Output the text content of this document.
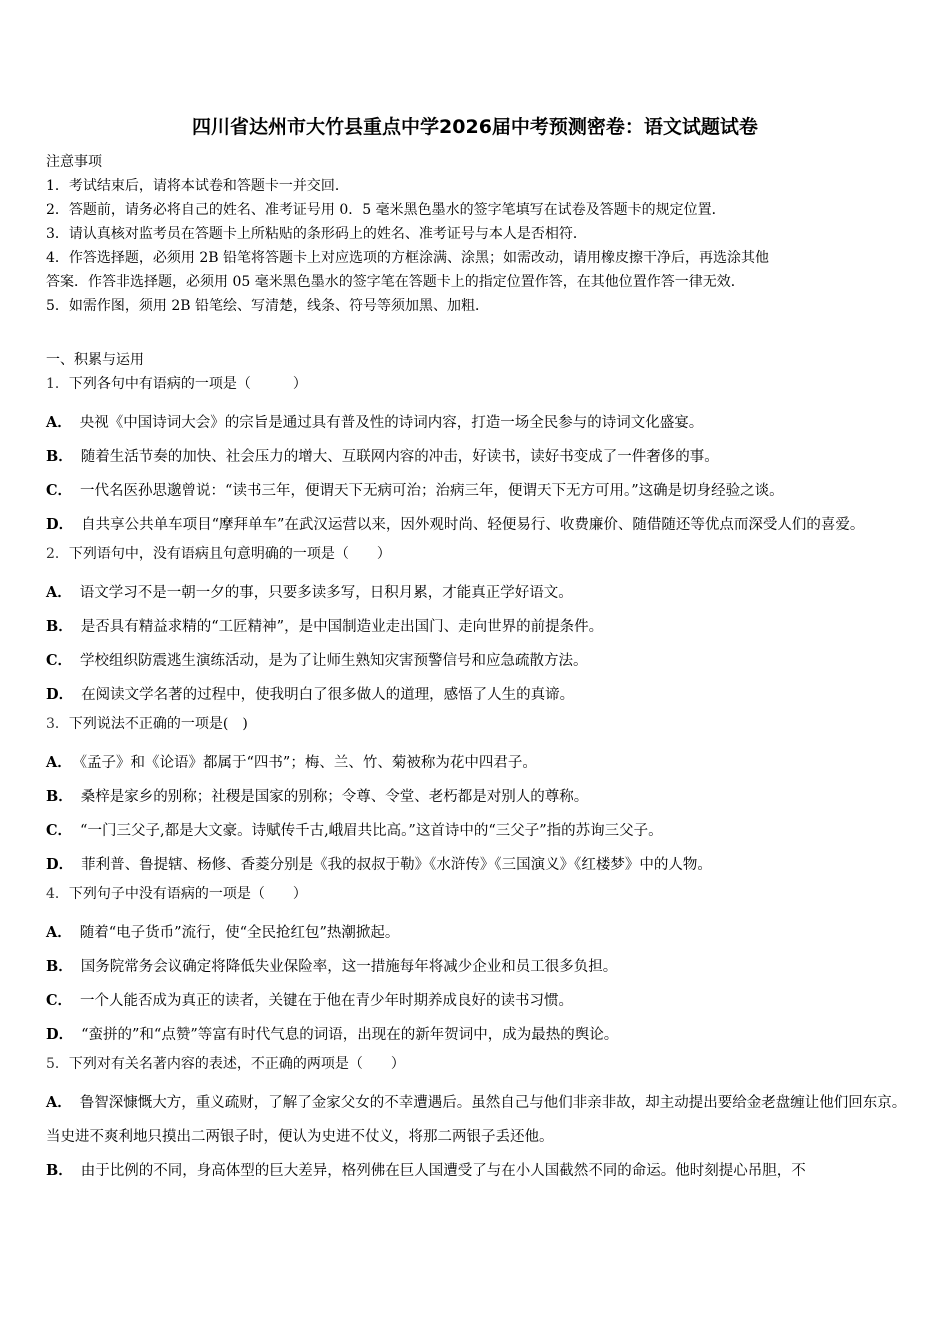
四川省达州市大竹县重点中学2026届中考预测密卷：语文试题试卷
注意事项
1．考试结束后，请将本试卷和答题卡一并交回．
2．答题前，请务必将自己的姓名、准考证号用 0．5 毫米黑色墨水的签字笔填写在试卷及答题卡的规定位置．
3．请认真核对监考员在答题卡上所粘贴的条形码上的姓名、准考证号与本人是否相符．
4．作答选择题，必须用 2B 铅笔将答题卡上对应选项的方框涂满、涂黑；如需改动，请用橡皮擦干净后，再选涂其他
答案．作答非选择题，必须用 05 毫米黑色墨水的签字笔在答题卡上的指定位置作答，在其他位置作答一律无效．
5．如需作图，须用 2B 铅笔绘、写清楚，线条、符号等须加黑、加粗．
一、积累与运用
1．下列各句中有语病的一项是（　　　）
A． 央视《中国诗词大会》的宗旨是通过具有普及性的诗词内容，打造一场全民参与的诗词文化盛宴。
B． 随着生活节奏的加快、社会压力的增大、互联网内容的冲击，好读书，读好书变成了一件奢侈的事。
C． 一代名医孙思邈曾说：“读书三年，便谓天下无病可治；治病三年，便谓天下无方可用。”这确是切身经验之谈。
D． 自共享公共单车项目“摩拜单车”在武汉运营以来，因外观时尚、轻便易行、收费廉价、随借随还等优点而深受人们的喜爱。
2．下列语句中，没有语病且句意明确的一项是（　　）
A． 语文学习不是一朝一夕的事，只要多读多写，日积月累，才能真正学好语文。
B． 是否具有精益求精的“工匠精神”，是中国制造业走出国门、走向世界的前提条件。
C． 学校组织防震逃生演练活动，是为了让师生熟知灾害预警信号和应急疏散方法。
D． 在阅读文学名著的过程中，使我明白了很多做人的道理，感悟了人生的真谛。
3．下列说法不正确的一项是(　)
A． 《孟子》和《论语》都属于“四书”；梅、兰、竹、菊被称为花中四君子。
B． 桑梓是家乡的别称；社稷是国家的别称；令尊、令堂、老朽都是对别人的尊称。
C． “一门三父子,都是大文豪。诗赋传千古,峨眉共比高。”这首诗中的“三父子”指的苏询三父子。
D． 菲利普、鲁提辖、杨修、香菱分别是《我的叔叔于勒》《水浒传》《三国演义》《红楼梦》中的人物。
4．下列句子中没有语病的一项是（　　）
A． 随着“电子货币”流行，使“全民抢红包”热潮掀起。
B． 国务院常务会议确定将降低失业保险率，这一措施每年将减少企业和员工很多负担。
C． 一个人能否成为真正的读者，关键在于他在青少年时期养成良好的读书习惯。
D． “蛮拼的”和“点赞”等富有时代气息的词语，出现在的新年贺词中，成为最热的舆论。
5．下列对有关名著内容的表述，不正确的两项是（　　）
A． 鲁智深慷慨大方，重义疏财，了解了金家父女的不幸遭遇后。虽然自己与他们非亲非故，却主动提出要给金老盘缠让他们回东京。当史进不爽利地只摸出二两银子时，便认为史进不仗义，将那二两银子丢还他。
B． 由于比例的不同，身高体型的巨大差异，格列佛在巨人国遭受了与在小人国截然不同的命运。他时刻提心吊胆，不
